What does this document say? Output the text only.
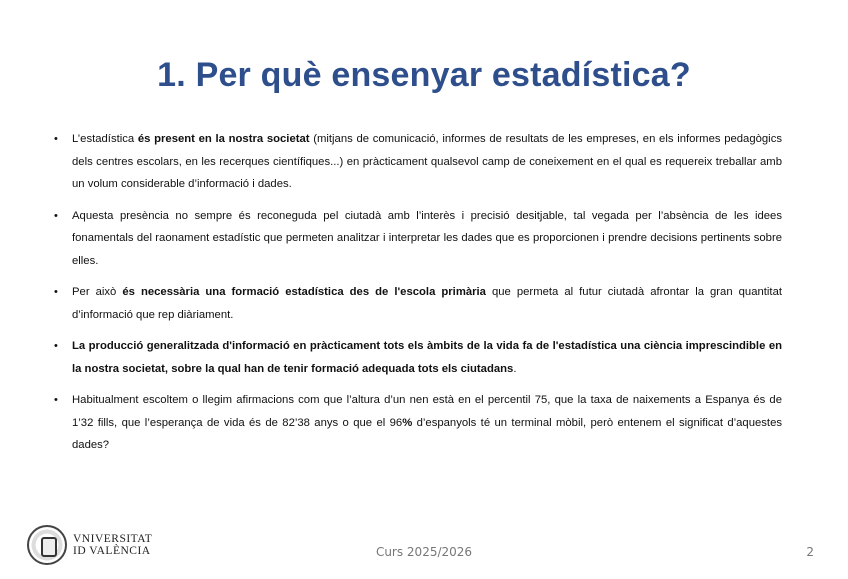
1. Per què ensenyar estadística?
• L’estadística és present en la nostra societat (mitjans de comunicació, informes de resultats de les empreses, en els informes pedagògics dels centres escolars, en les recerques científiques...) en pràcticament qualsevol camp de coneixement en el qual es requereix treballar amb un volum considerable d’informació i dades.
• Aquesta presència no sempre és reconeguda pel ciutadà amb l’interès i precisió desitjable, tal vegada per l’absència de les idees fonamentals del raonament estadístic que permeten analitzar i interpretar les dades que es proporcionen i prendre decisions pertinents sobre elles.
• Per això és necessària una formació estadística des de l'escola primària que permeta al futur ciutadà afrontar la gran quantitat d’informació que rep diàriament.
• La producció generalitzada d'informació en pràcticament tots els àmbits de la vida fa de l'estadística una ciència imprescindible en la nostra societat, sobre la qual han de tenir formació adequada tots els ciutadans.
• Habitualment escoltem o llegim afirmacions com que l’altura d’un nen està en el percentil 75, que la taxa de naixements a Espanya és de 1’32 fills, que l’esperança de vida és de 82’38 anys o que el 96% d’espanyols té un terminal mòbil, però entenem el significat d’aquestes dades?
VNIVERSITAT
ID VALÈNCIA	Curs 2025/2026	2
